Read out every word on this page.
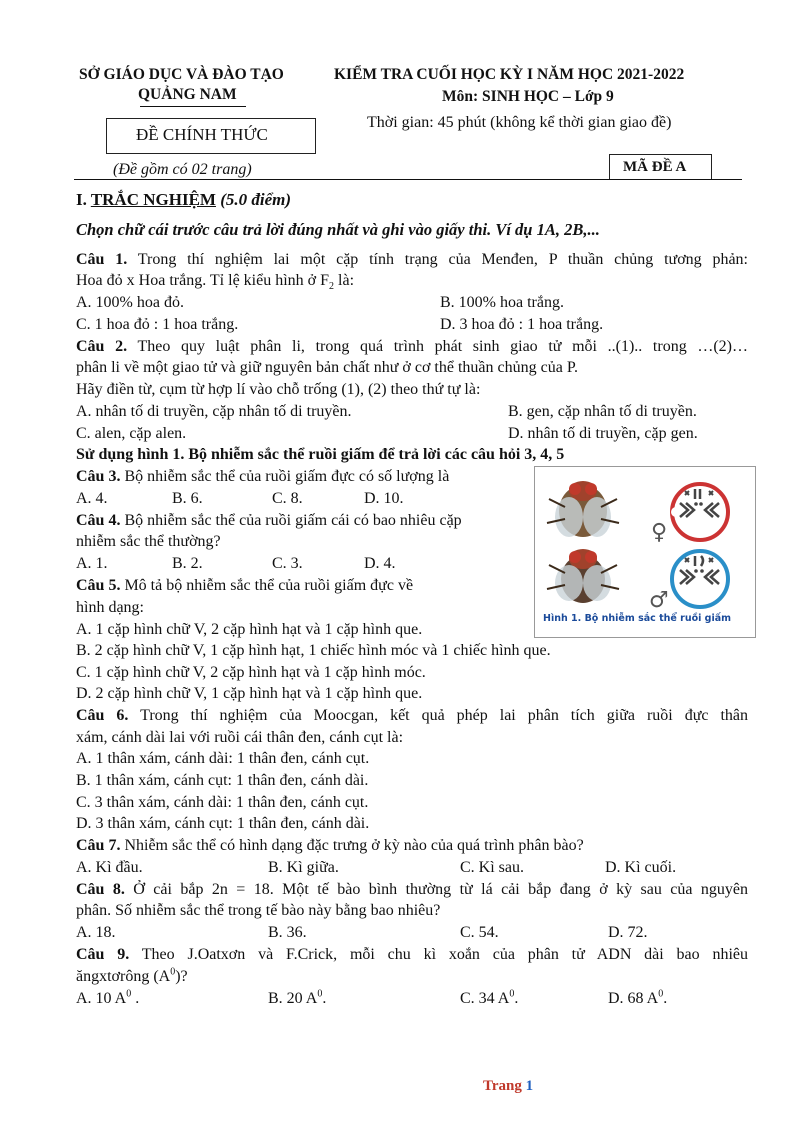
SỞ GIÁO DỤC VÀ ĐÀO TẠO
QUẢNG NAM
ĐỀ CHÍNH THỨC
(Đề gồm có 02 trang)
KIỂM TRA CUỐI HỌC KỲ I NĂM HỌC 2021-2022
Môn: SINH HỌC – Lớp 9
Thời gian: 45 phút (không kể thời gian giao đề)
MÃ ĐỀ A
I. TRẮC NGHIỆM (5.0 điểm)
Chọn chữ cái trước câu trả lời đúng nhất và ghi vào giấy thi. Ví dụ 1A, 2B,...
Câu 1. Trong thí nghiệm lai một cặp tính trạng của Menđen, P thuần chủng tương phản:
Hoa đỏ x Hoa trắng. Tỉ lệ kiểu hình ở $F_2$ là:
A. 100% hoa đỏ.	B. 100% hoa trắng.
C. 1 hoa đỏ : 1 hoa trắng.	D. 3 hoa đỏ : 1 hoa trắng.
Câu 2. Theo quy luật phân li, trong quá trình phát sinh giao tử mỗi ..(1).. trong …(2)…
phân li về một giao tử và giữ nguyên bản chất như ở cơ thể thuần chủng của P.
Hãy điền từ, cụm từ hợp lí vào chỗ trống (1), (2) theo thứ tự là:
A. nhân tố di truyền, cặp nhân tố di truyền.	B. gen, cặp nhân tố di truyền.
C. alen, cặp alen.	D. nhân tố di truyền, cặp gen.
Sử dụng hình 1. Bộ nhiễm sắc thể ruồi giấm để trả lời các câu hỏi 3, 4, 5
♀
♂
Hình 1. Bộ nhiễm sắc thể ruồi giấm
Câu 3. Bộ nhiễm sắc thể của ruồi giấm đực có số lượng là
A. 4.	B. 6.	C. 8.	D. 10.
Câu 4. Bộ nhiễm sắc thể của ruồi giấm cái có bao nhiêu cặp
nhiễm sắc thể thường?
A. 1.	B. 2.	C. 3.	D. 4.
Câu 5. Mô tả bộ nhiễm sắc thể của ruồi giấm đực về
hình dạng:
A. 1 cặp hình chữ V, 2 cặp hình hạt và 1 cặp hình que.
B. 2 cặp hình chữ V, 1 cặp hình hạt, 1 chiếc hình móc và 1 chiếc hình que.
C. 1 cặp hình chữ V, 2 cặp hình hạt và 1 cặp hình móc.
D. 2 cặp hình chữ V, 1 cặp hình hạt và 1 cặp hình que.
Câu 6. Trong thí nghiệm của Moocgan, kết quả phép lai phân tích giữa ruồi đực thân
xám, cánh dài lai với ruồi cái thân đen, cánh cụt là:
A. 1 thân xám, cánh dài: 1 thân đen, cánh cụt.
B. 1 thân xám, cánh cụt: 1 thân đen, cánh dài.
C. 3 thân xám, cánh dài: 1 thân đen, cánh cụt.
D. 3 thân xám, cánh cụt: 1 thân đen, cánh dài.
Câu 7. Nhiễm sắc thể có hình dạng đặc trưng ở kỳ nào của quá trình phân bào?
A. Kì đầu.	B. Kì giữa.	C. Kì sau.	D. Kì cuối.
Câu 8. Ở cải bắp 2n = 18. Một tế bào bình thường từ lá cải bắp đang ở kỳ sau của nguyên
phân. Số nhiễm sắc thể trong tế bào này bằng bao nhiêu?
A. 18.	B. 36.	C. 54.	D. 72.
Câu 9. Theo J.Oatxơn và F.Crick, mỗi chu kì xoắn của phân tử ADN dài bao nhiêu
ăngxtơrông $(A^0)$?
A. 10 $A^0$ .	B. 20 $A^0$.	C. 34 $A^0$.	D. 68 $A^0$.
Trang 1
